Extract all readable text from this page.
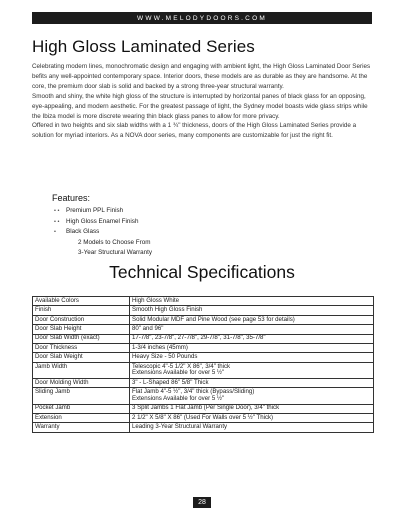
WWW.MELODYDOORS.COM
High Gloss Laminated Series

Celebrating modern lines, monochromatic design and engaging with ambient light, the High Gloss Laminated Door Series befits any well-appointed contemporary space. Interior doors, these models are as durable as they are handsome. At the core, the premium door slab is solid and backed by a strong three-year structural warranty.

Smooth and shiny, the white high gloss of the structure is interrupted by horizontal panes of black glass for an opposing, eye-appealing, and modern aesthetic. For the greatest passage of light, the Sydney model boasts wide glass strips while the Ibiza model is more discrete wearing thin black glass panes to allow for more privacy.

Offered in two heights and six slab widths with a 1 ¾" thickness, doors of the High Gloss Laminated Series provide a solution for myriad interiors. As a NOVA door series, many components are customizable for just the right fit.

Features:
• •	Premium PPL Finish
• •	High Gloss Enamel Finish
•	Black Glass
2 Models to Choose From
3-Year Structural Warranty
Technical Specifications
Available Colors	High Gloss White

Finish	Smooth High Gloss Finish

Door Construction	Solid Modular MDF and Pine Wood (see page 53 for details)

Door Slab Height	80" and 96"

Door Slab Width (exact)	17-7/8", 23-7/8", 27-7/8", 29-7/8", 31-7/8", 35-7/8"

Door Thickness	1-3/4 inches (45mm)

Door Slab Weight	Heavy Size - 50 Pounds

Jamb Width	Telescopic 4"-5 1/2" X 86", 3/4" thick
Extensions Available for over 5 ½"

Door Molding Width	3" - L-Shaped 86" 5/8" Thick

Sliding Jamb	Flat Jamb 4"-5 ½", 3/4" thick (Bypass/Sliding)
Extensions Available for over 5 ½"

Pocket Jamb	3 Split Jambs 1 Flat Jamb (Per Single Door), 3/4" thick

Extension	2 1/2" X 5/8" X 86" (Used For Walls over 5 ½" Thick)

Warranty	Leading 3-Year Structural Warranty
28
